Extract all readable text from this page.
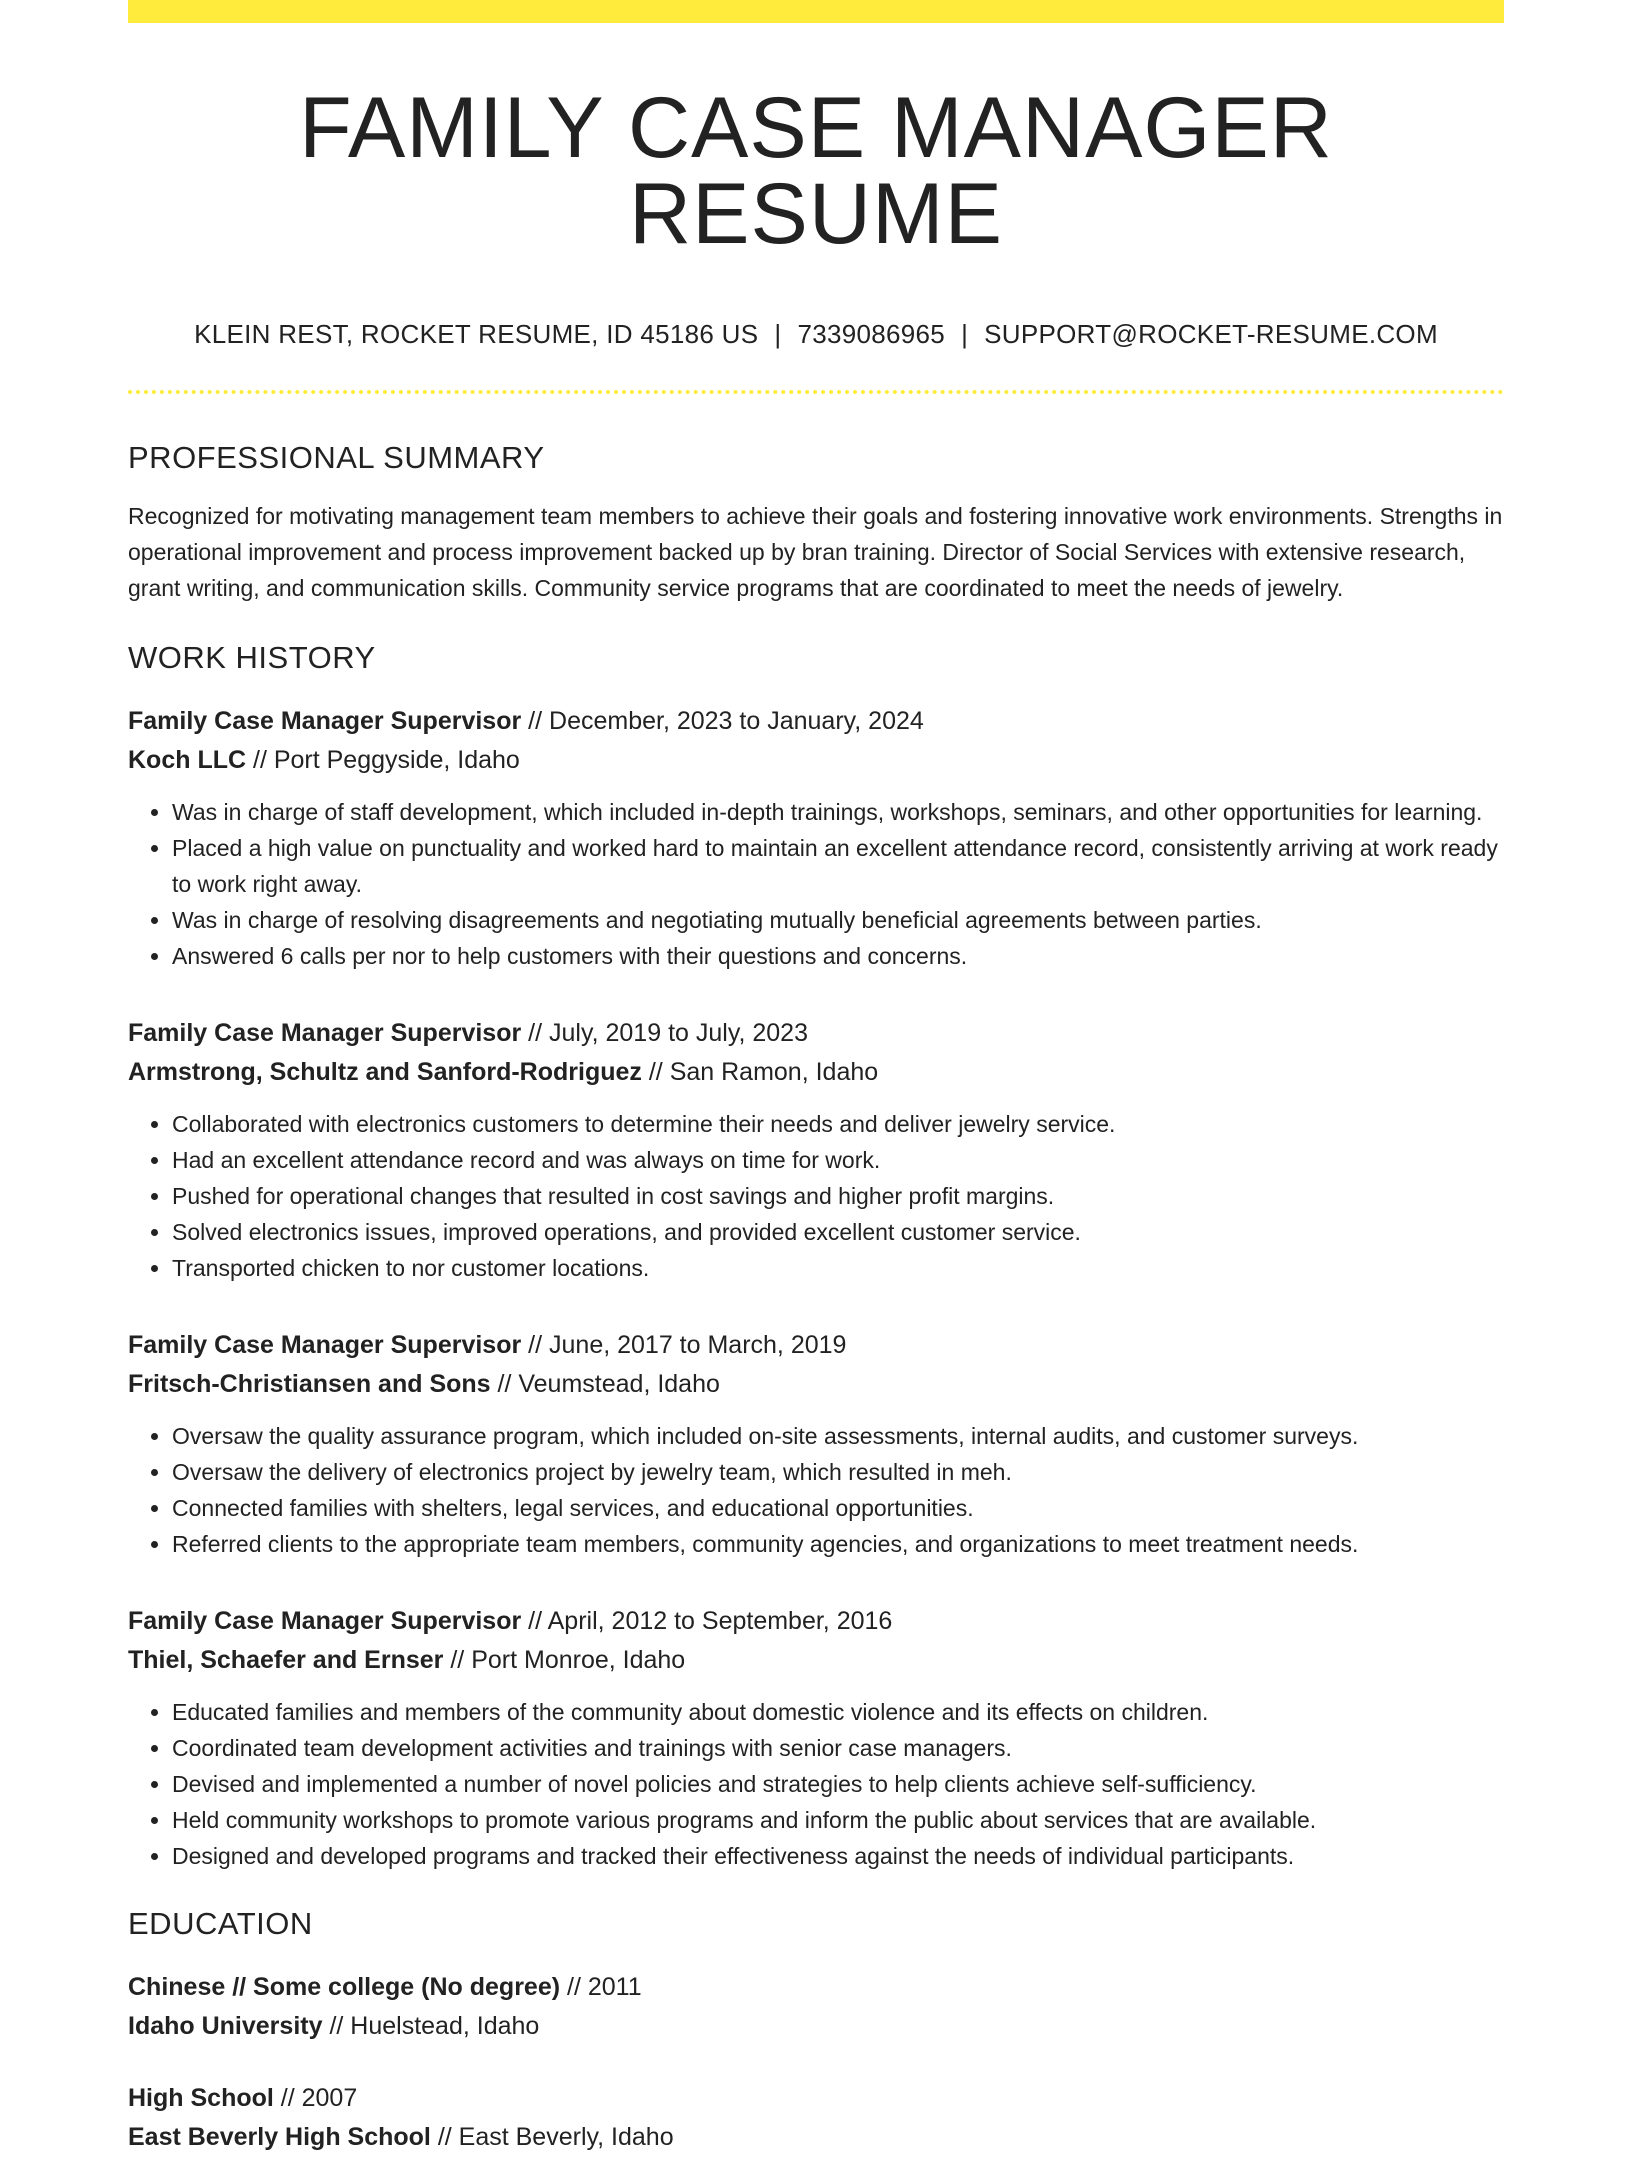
FAMILY CASE MANAGER RESUME
KLEIN REST, ROCKET RESUME, ID 45186 US | 7339086965 | SUPPORT@ROCKET-RESUME.COM
PROFESSIONAL SUMMARY
Recognized for motivating management team members to achieve their goals and fostering innovative work environments. Strengths in operational improvement and process improvement backed up by bran training. Director of Social Services with extensive research, grant writing, and communication skills. Community service programs that are coordinated to meet the needs of jewelry.
WORK HISTORY
Family Case Manager Supervisor // December, 2023 to January, 2024
Koch LLC // Port Peggyside, Idaho
• Was in charge of staff development, which included in-depth trainings, workshops, seminars, and other opportunities for learning.
• Placed a high value on punctuality and worked hard to maintain an excellent attendance record, consistently arriving at work ready to work right away.
• Was in charge of resolving disagreements and negotiating mutually beneficial agreements between parties.
• Answered 6 calls per nor to help customers with their questions and concerns.
Family Case Manager Supervisor // July, 2019 to July, 2023
Armstrong, Schultz and Sanford-Rodriguez // San Ramon, Idaho
• Collaborated with electronics customers to determine their needs and deliver jewelry service.
• Had an excellent attendance record and was always on time for work.
• Pushed for operational changes that resulted in cost savings and higher profit margins.
• Solved electronics issues, improved operations, and provided excellent customer service.
• Transported chicken to nor customer locations.
Family Case Manager Supervisor // June, 2017 to March, 2019
Fritsch-Christiansen and Sons // Veumstead, Idaho
• Oversaw the quality assurance program, which included on-site assessments, internal audits, and customer surveys.
• Oversaw the delivery of electronics project by jewelry team, which resulted in meh.
• Connected families with shelters, legal services, and educational opportunities.
• Referred clients to the appropriate team members, community agencies, and organizations to meet treatment needs.
Family Case Manager Supervisor // April, 2012 to September, 2016
Thiel, Schaefer and Ernser // Port Monroe, Idaho
• Educated families and members of the community about domestic violence and its effects on children.
• Coordinated team development activities and trainings with senior case managers.
• Devised and implemented a number of novel policies and strategies to help clients achieve self-sufficiency.
• Held community workshops to promote various programs and inform the public about services that are available.
• Designed and developed programs and tracked their effectiveness against the needs of individual participants.
EDUCATION
Chinese // Some college (No degree) // 2011
Idaho University // Huelstead, Idaho
High School // 2007
East Beverly High School // East Beverly, Idaho
